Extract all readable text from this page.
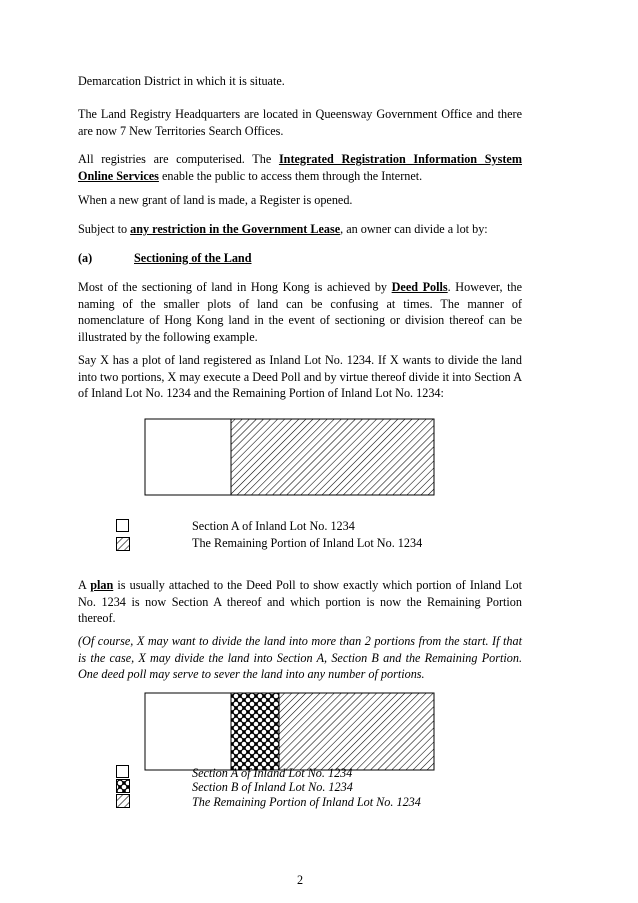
Demarcation District in which it is situate.

The Land Registry Headquarters are located in Queensway Government Office and there are now 7 New Territories Search Offices.

All registries are computerised. The Integrated Registration Information System Online Services enable the public to access them through the Internet.

When a new grant of land is made, a Register is opened.

Subject to any restriction in the Government Lease, an owner can divide a lot by:

(a)	Sectioning of the Land

Most of the sectioning of land in Hong Kong is achieved by Deed Polls. However, the naming of the smaller plots of land can be confusing at times. The manner of nomenclature of Hong Kong land in the event of sectioning or division thereof can be illustrated by the following example.

Say X has a plot of land registered as Inland Lot No. 1234. If X wants to divide the land into two portions, X may execute a Deed Poll and by virtue thereof divide it into Section A of Inland Lot No. 1234 and the Remaining Portion of Inland Lot No. 1234:

Section A of Inland Lot No. 1234
The Remaining Portion of Inland Lot No. 1234

A plan is usually attached to the Deed Poll to show exactly which portion of Inland Lot No. 1234 is now Section A thereof and which portion is now the Remaining Portion thereof.

(Of course, X may want to divide the land into more than 2 portions from the start. If that is the case, X may divide the land into Section A, Section B and the Remaining Portion. One deed poll may serve to sever the land into any number of portions.

Section A of Inland Lot No. 1234
Section B of Inland Lot No. 1234
The Remaining Portion of Inland Lot No. 1234
2
